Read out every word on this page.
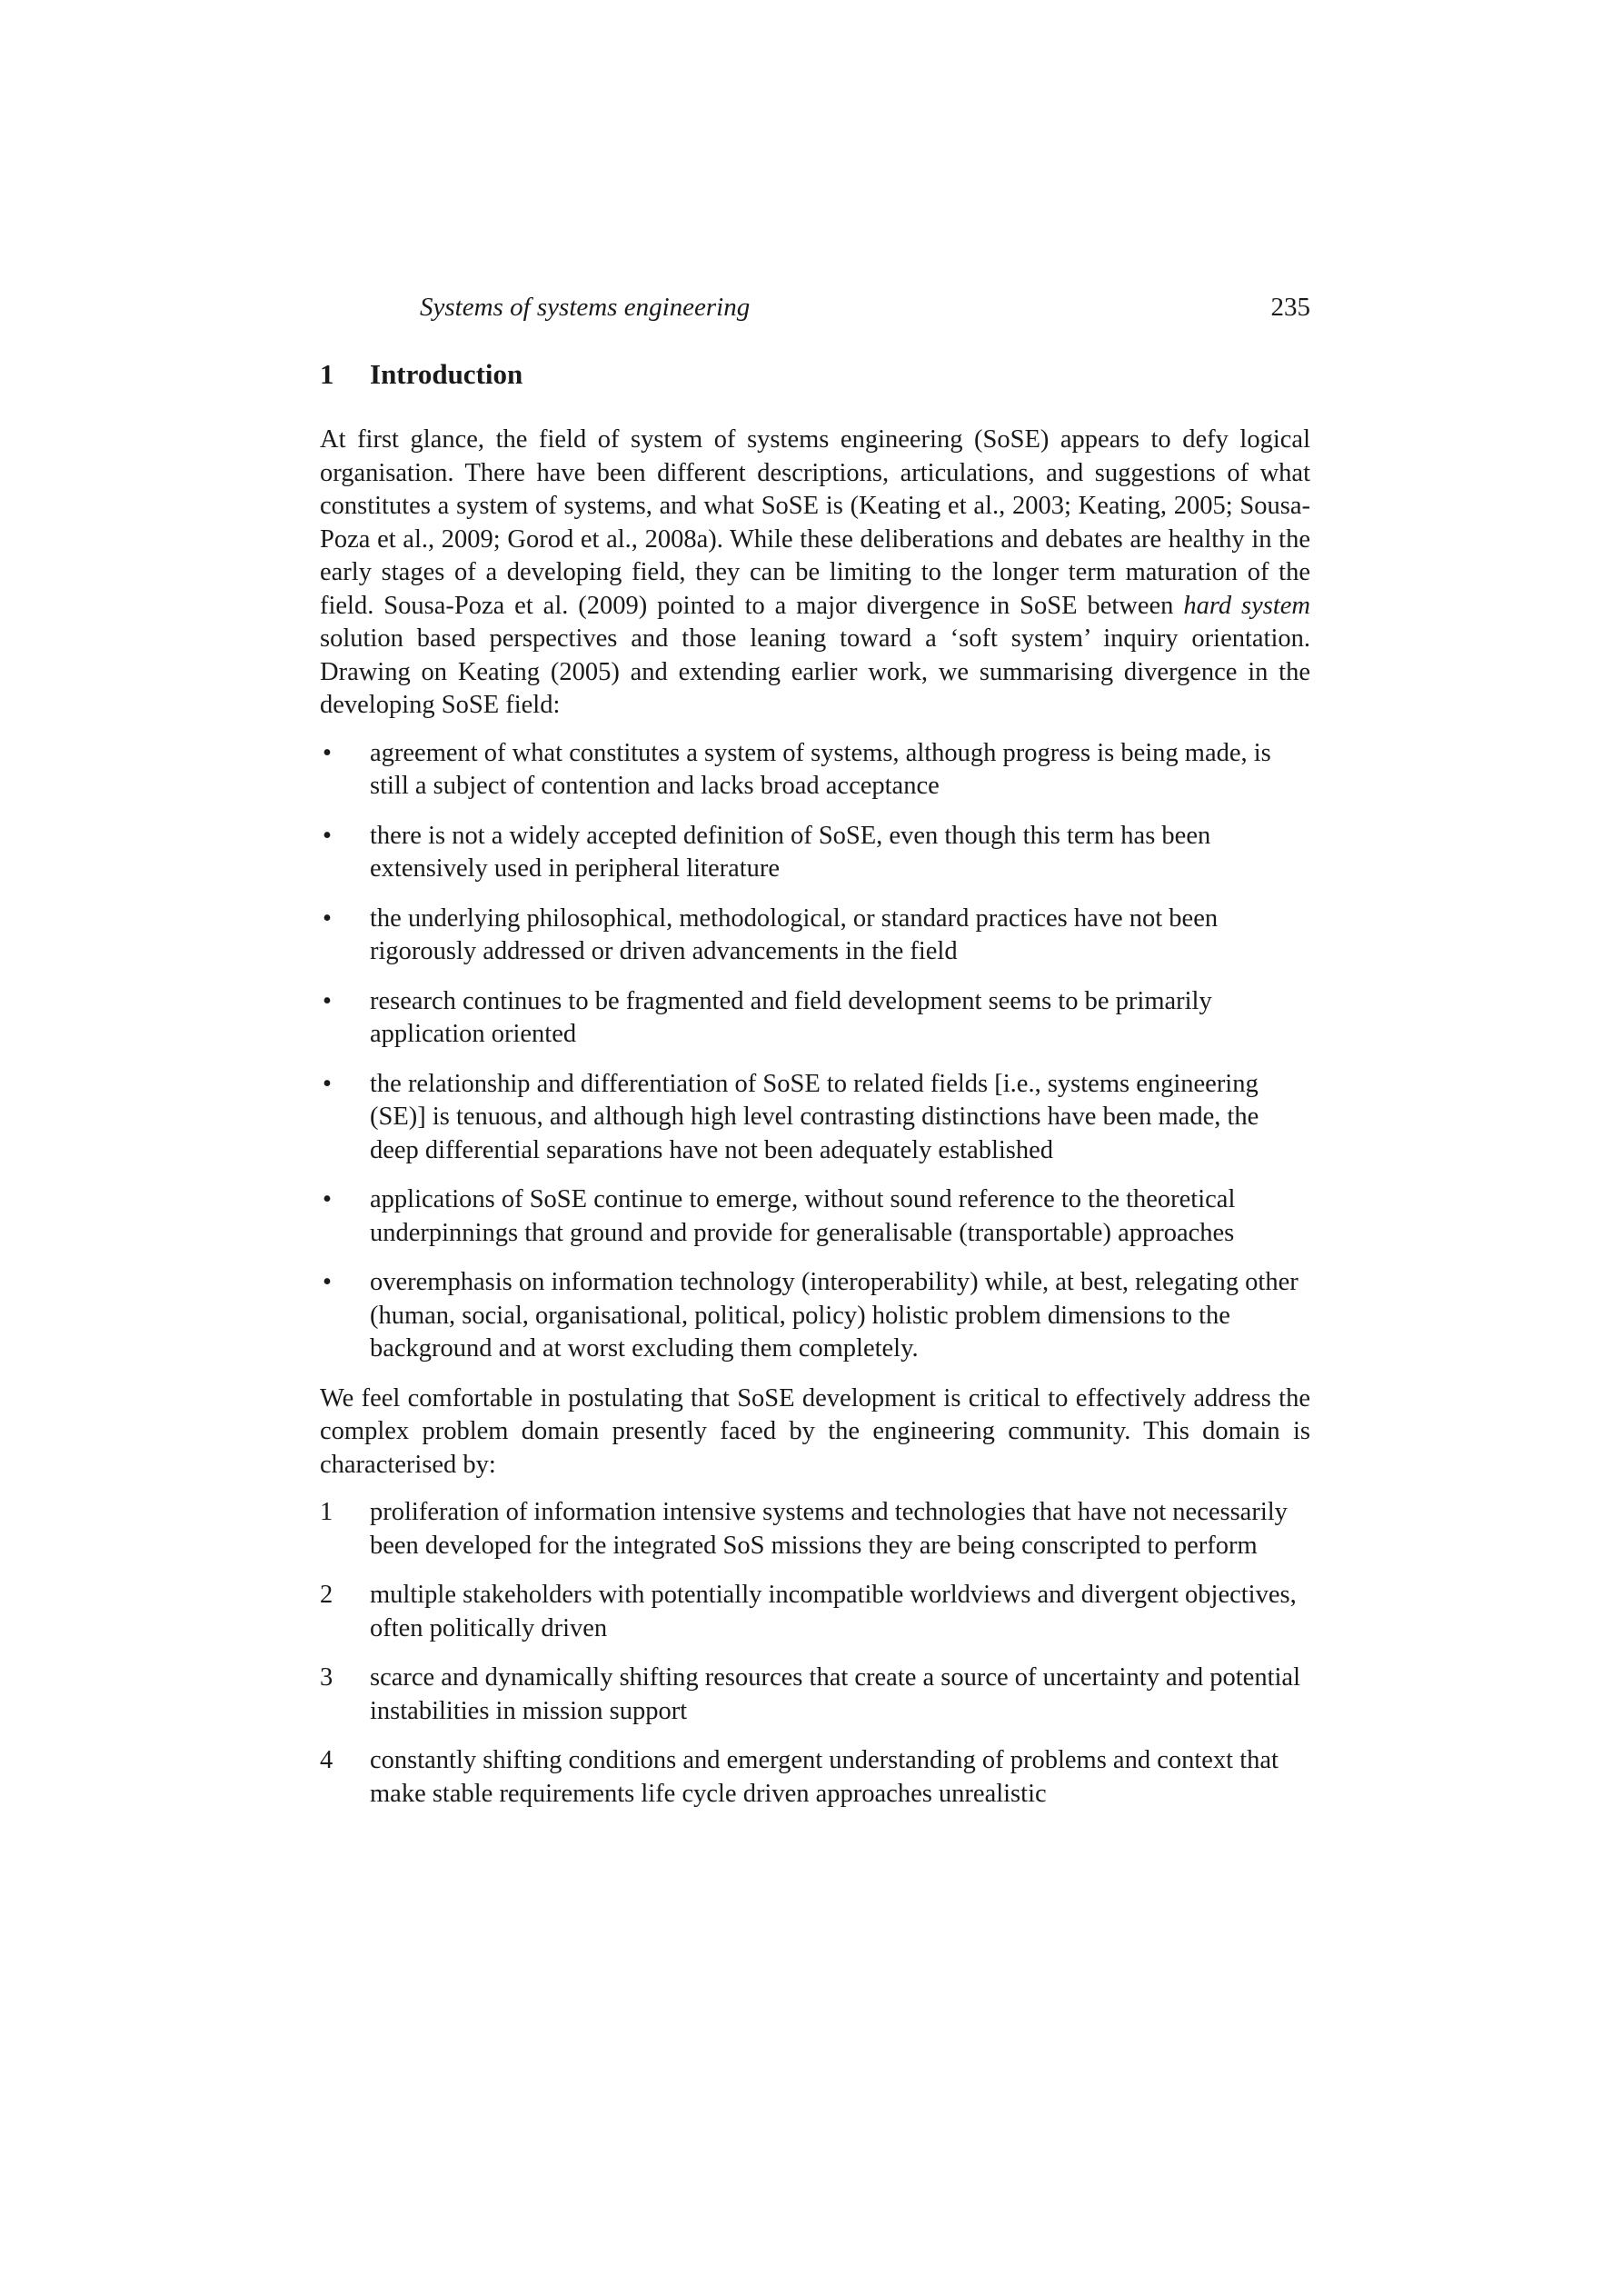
Systems of systems engineering	235
1 Introduction

At first glance, the field of system of systems engineering (SoSE) appears to defy logical organisation. There have been different descriptions, articulations, and suggestions of what constitutes a system of systems, and what SoSE is (Keating et al., 2003; Keating, 2005; Sousa-Poza et al., 2009; Gorod et al., 2008a). While these deliberations and debates are healthy in the early stages of a developing field, they can be limiting to the longer term maturation of the field. Sousa-Poza et al. (2009) pointed to a major divergence in SoSE between hard system solution based perspectives and those leaning toward a ‘soft system’ inquiry orientation. Drawing on Keating (2005) and extending earlier work, we summarising divergence in the developing SoSE field:

• agreement of what constitutes a system of systems, although progress is being made, is still a subject of contention and lacks broad acceptance
• there is not a widely accepted definition of SoSE, even though this term has been extensively used in peripheral literature
• the underlying philosophical, methodological, or standard practices have not been rigorously addressed or driven advancements in the field
• research continues to be fragmented and field development seems to be primarily application oriented
• the relationship and differentiation of SoSE to related fields [i.e., systems engineering (SE)] is tenuous, and although high level contrasting distinctions have been made, the deep differential separations have not been adequately established
• applications of SoSE continue to emerge, without sound reference to the theoretical underpinnings that ground and provide for generalisable (transportable) approaches
• overemphasis on information technology (interoperability) while, at best, relegating other (human, social, organisational, political, policy) holistic problem dimensions to the background and at worst excluding them completely.

We feel comfortable in postulating that SoSE development is critical to effectively address the complex problem domain presently faced by the engineering community. This domain is characterised by:

1 proliferation of information intensive systems and technologies that have not necessarily been developed for the integrated SoS missions they are being conscripted to perform
2 multiple stakeholders with potentially incompatible worldviews and divergent objectives, often politically driven
3 scarce and dynamically shifting resources that create a source of uncertainty and potential instabilities in mission support
4 constantly shifting conditions and emergent understanding of problems and context that make stable requirements life cycle driven approaches unrealistic
